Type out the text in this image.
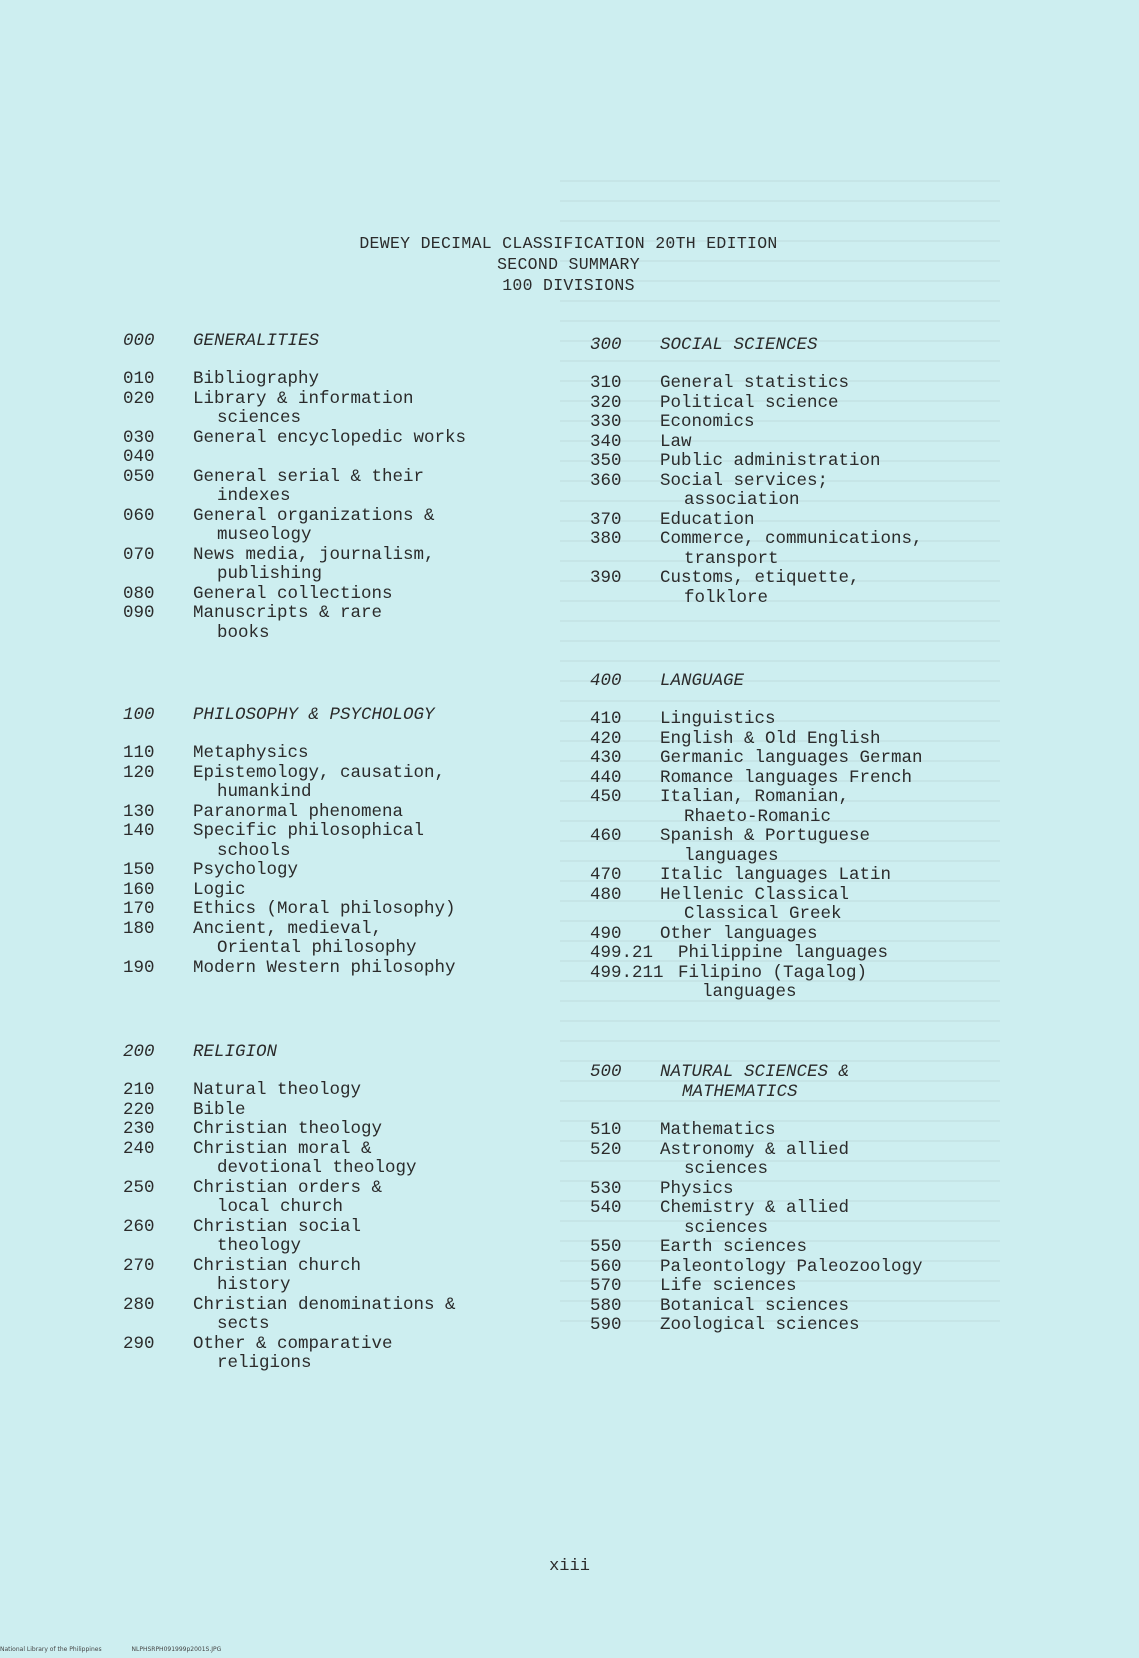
DEWEY DECIMAL CLASSIFICATION 20TH EDITION
SECOND SUMMARY
100 DIVISIONS
000 GENERALITIES
010	Bibliography
020	Library & information
sciences
030	General encyclopedic works
040
050	General serial & their
indexes
060	General organizations &
museology
070	News media, journalism,
publishing
080	General collections
090	Manuscripts & rare
books
100 PHILOSOPHY & PSYCHOLOGY
110	Metaphysics
120	Epistemology, causation,
humankind
130	Paranormal phenomena
140	Specific philosophical
schools
150	Psychology
160	Logic
170	Ethics (Moral philosophy)
180	Ancient, medieval,
Oriental philosophy
190	Modern Western philosophy
200 RELIGION
210	Natural theology
220	Bible
230	Christian theology
240	Christian moral &
devotional theology
250	Christian orders &
local church
260	Christian social
theology
270	Christian church
history
280	Christian denominations &
sects
290	Other & comparative
religions
300 SOCIAL SCIENCES
310	General statistics
320	Political science
330	Economics
340	Law
350	Public administration
360	Social services;
association
370	Education
380	Commerce, communications,
transport
390	Customs, etiquette,
folklore
400 LANGUAGE
410	Linguistics
420	English & Old English
430	Germanic languages German
440	Romance languages French
450	Italian, Romanian,
Rhaeto-Romanic
460	Spanish & Portuguese
languages
470	Italic languages Latin
480	Hellenic Classical
Classical Greek
490	Other languages
499.21	Philippine languages
499.211 Filipino (Tagalog)
languages
500 NATURAL SCIENCES &
MATHEMATICS
510	Mathematics
520	Astronomy & allied
sciences
530	Physics
540	Chemistry & allied
sciences
550	Earth sciences
560	Paleontology Paleozoology
570	Life sciences
580	Botanical sciences
590	Zoological sciences
xiii
National Library of the Philippines	NLPHSRPH091999p2001S.JPG
